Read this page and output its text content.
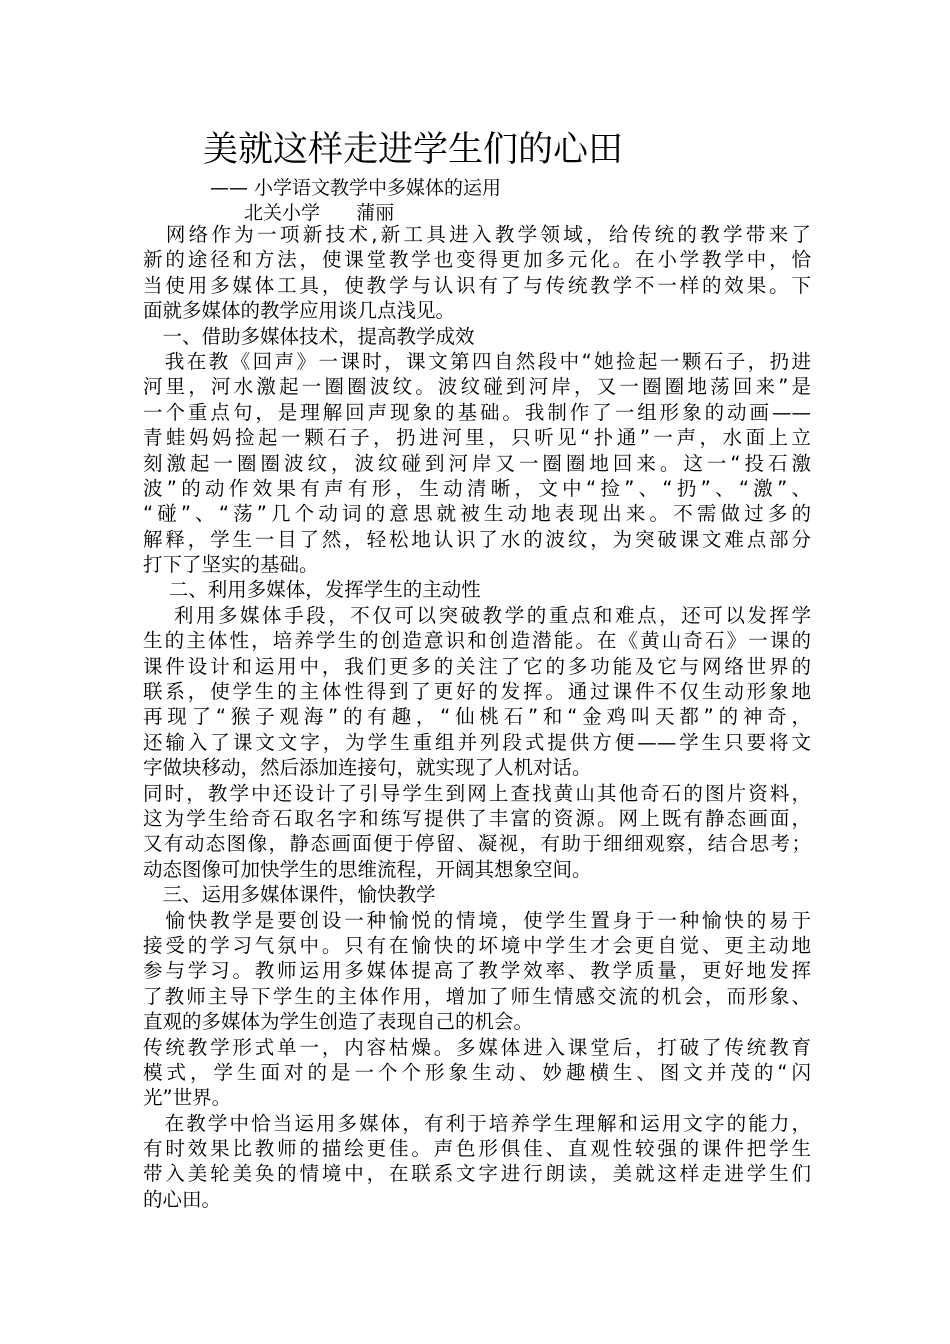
美就这样走进学生们的心田
—— 小学语文教学中多媒体的运用
北关小学      蒲丽
　网络作为一项新技术,新工具进入教学领域，给传统的教学带来了
新的途径和方法，使课堂教学也变得更加多元化。在小学教学中，恰
当使用多媒体工具，使教学与认识有了与传统教学不一样的效果。下
面就多媒体的教学应用谈几点浅见。
　一、借助多媒体技术，提高教学成效
　我在教《回声》一课时，课文第四自然段中“她捡起一颗石子，扔进
河里，河水激起一圈圈波纹。波纹碰到河岸，又一圈圈地荡回来”是
一个重点句，是理解回声现象的基础。我制作了一组形象的动画——
青蛙妈妈捡起一颗石子，扔进河里，只听见“扑通”一声，水面上立
刻激起一圈圈波纹，波纹碰到河岸又一圈圈地回来。这一“投石激
波”的动作效果有声有形，生动清晰，文中“捡”、“扔”、“激”、
“碰”、“荡”几个动词的意思就被生动地表现出来。不需做过多的
解释，学生一目了然，轻松地认识了水的波纹，为突破课文难点部分
打下了坚实的基础。
　 二、利用多媒体，发挥学生的主动性
　 利用多媒体手段，不仅可以突破教学的重点和难点，还可以发挥学
生的主体性，培养学生的创造意识和创造潜能。在《黄山奇石》一课的
课件设计和运用中，我们更多的关注了它的多功能及它与网络世界的
联系，使学生的主体性得到了更好的发挥。通过课件不仅生动形象地
再现了“猴子观海”的有趣，“仙桃石”和“金鸡叫天都”的神奇，
还输入了课文文字，为学生重组并列段式提供方便——学生只要将文
字做块移动，然后添加连接句，就实现了人机对话。
同时，教学中还设计了引导学生到网上查找黄山其他奇石的图片资料，
这为学生给奇石取名字和练写提供了丰富的资源。网上既有静态画面，
又有动态图像，静态画面便于停留、凝视，有助于细细观察，结合思考；
动态图像可加快学生的思维流程，开阔其想象空间。
　三、运用多媒体课件，愉快教学
　愉快教学是要创设一种愉悦的情境，使学生置身于一种愉快的易于
接受的学习气氛中。只有在愉快的坏境中学生才会更自觉、更主动地
参与学习。教师运用多媒体提高了教学效率、教学质量，更好地发挥
了教师主导下学生的主体作用，增加了师生情感交流的机会，而形象、
直观的多媒体为学生创造了表现自己的机会。
传统教学形式单一，内容枯燥。多媒体进入课堂后，打破了传统教育
模式，学生面对的是一个个形象生动、妙趣横生、图文并茂的“闪
光”世界。
　在教学中恰当运用多媒体，有利于培养学生理解和运用文字的能力，
有时效果比教师的描绘更佳。声色形俱佳、直观性较强的课件把学生
带入美轮美奂的情境中，在联系文字进行朗读，美就这样走进学生们
的心田。
